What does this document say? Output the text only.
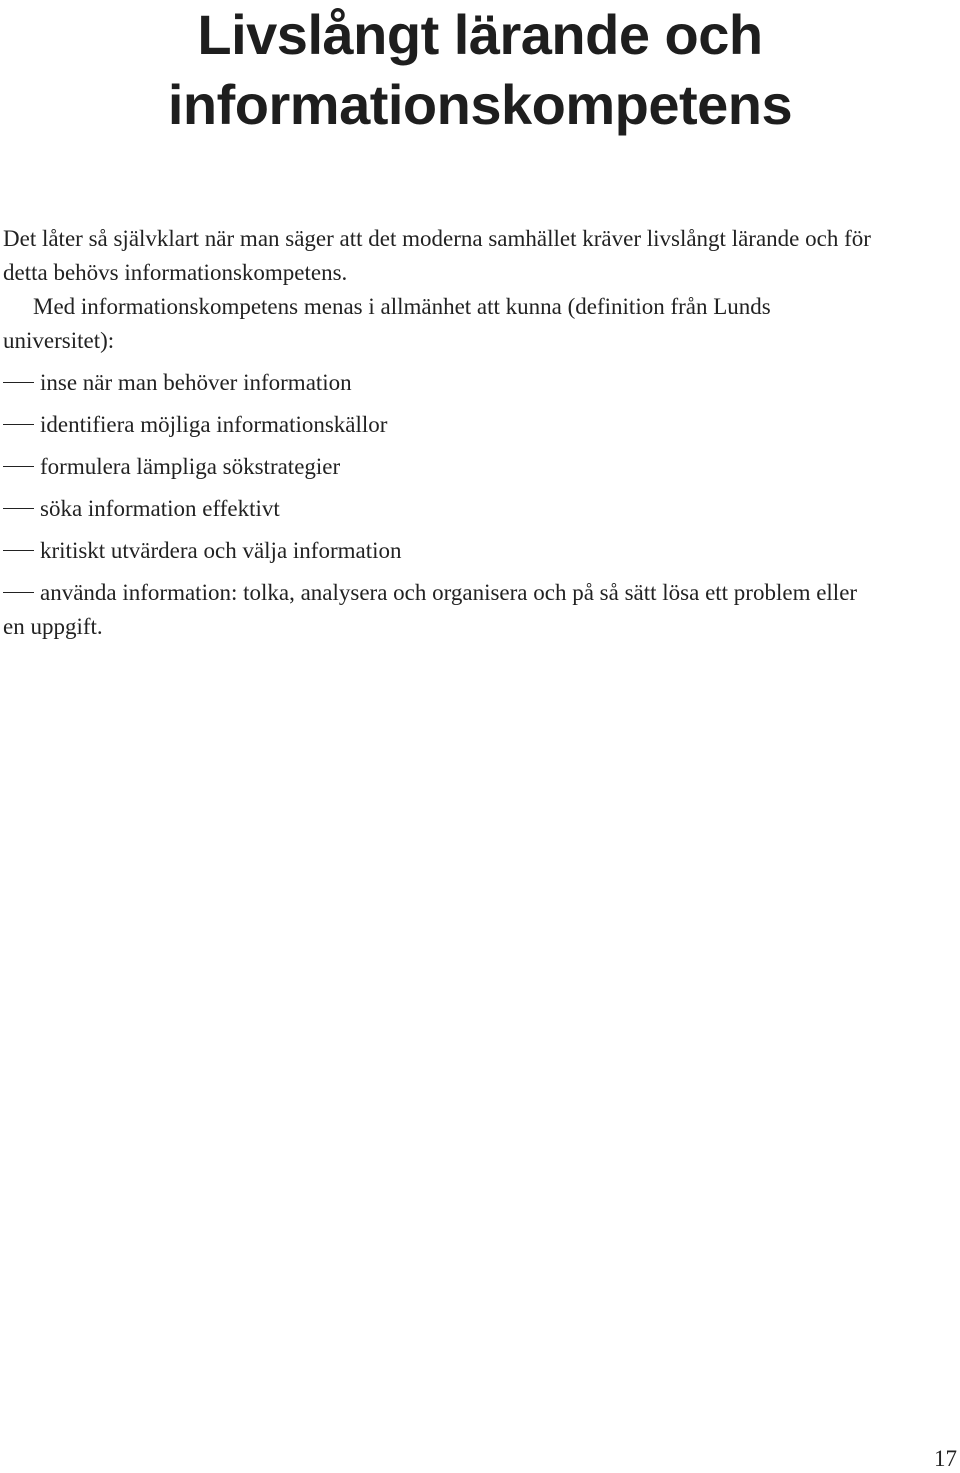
Livslångt lärande och
informationskompetens

Det låter så självklart när man säger att det moderna samhället kräver livslångt lärande och för detta behövs informationskompetens.

Med informationskompetens menas i allmänhet att kunna (definition från Lunds universitet):

inse när man behöver information
identifiera möjliga informationskällor
formulera lämpliga sökstrategier
söka information effektivt
kritiskt utvärdera och välja information
använda information: tolka, analysera och organisera och på så sätt lösa ett problem eller en uppgift.
17
